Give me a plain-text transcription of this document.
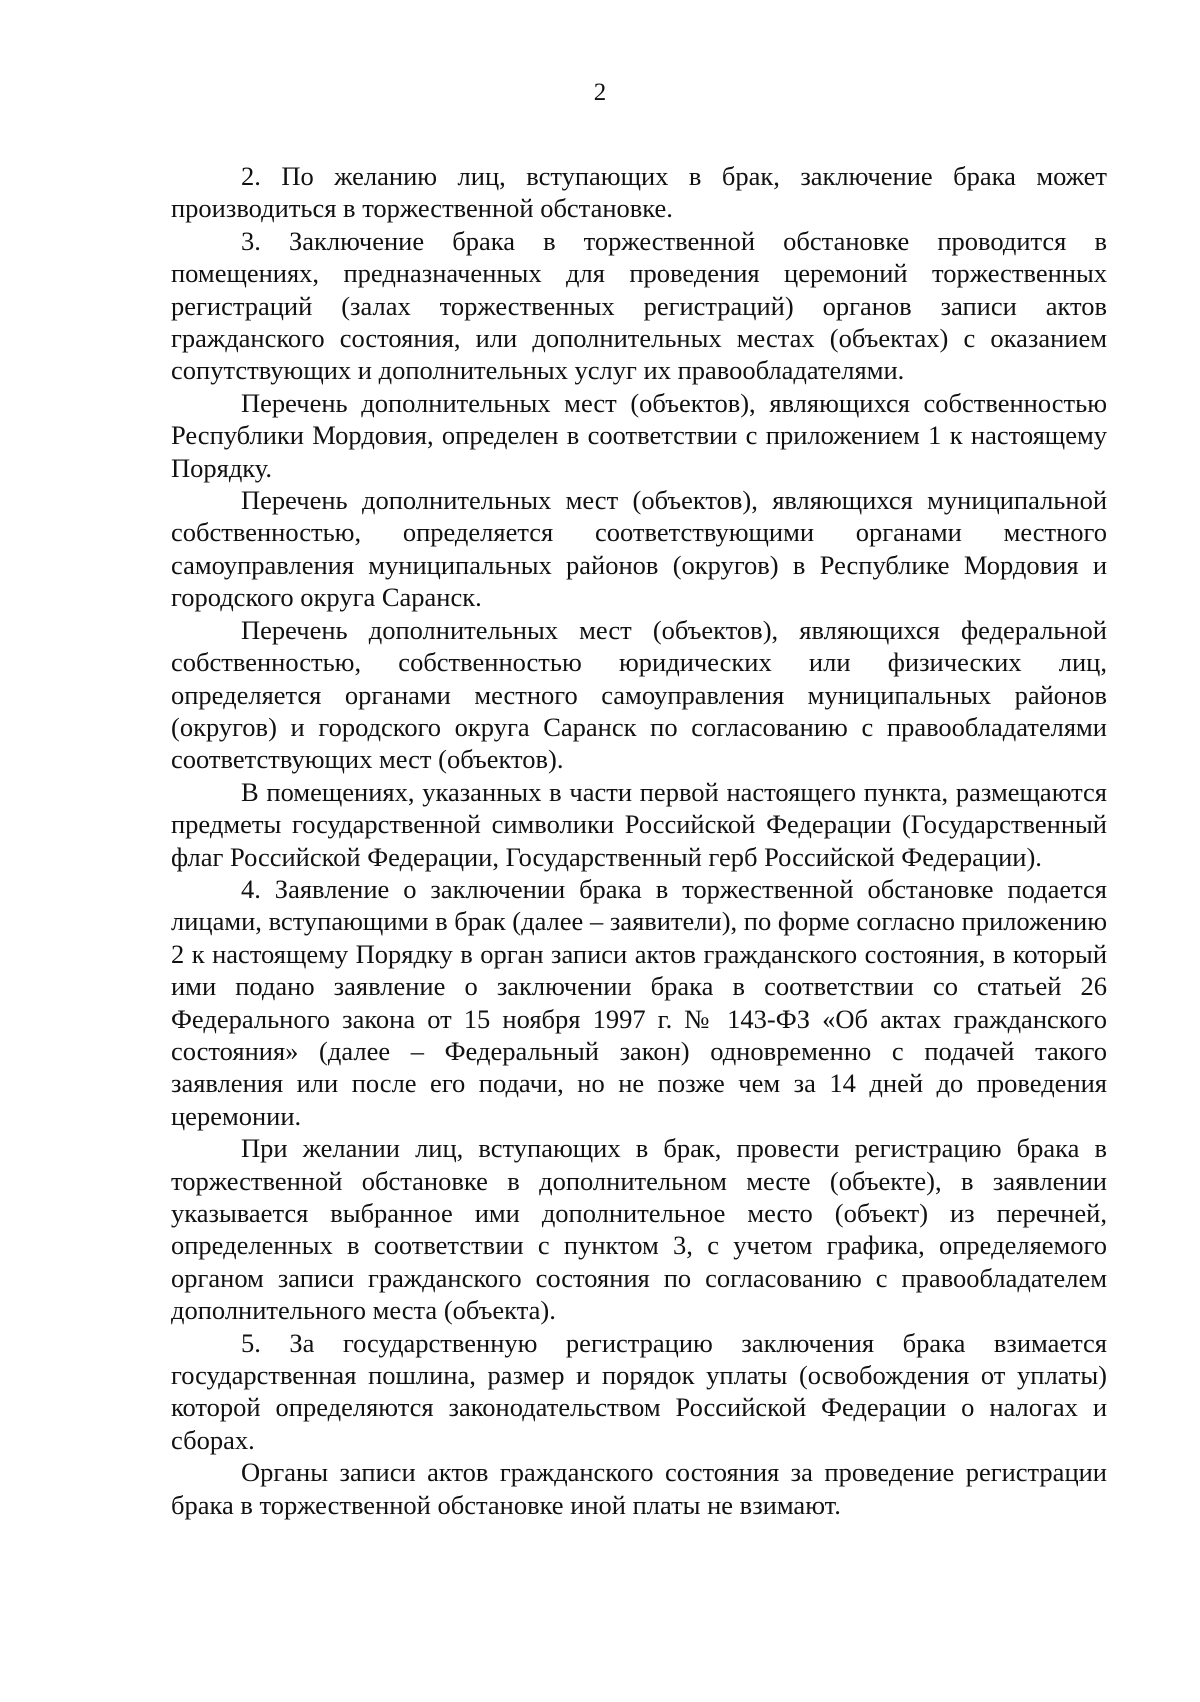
2

2. По желанию лиц, вступающих в брак, заключение брака может производиться в торжественной обстановке.

3. Заключение брака в торжественной обстановке проводится в помещениях, предназначенных для проведения церемоний торжественных регистраций (залах торжественных регистраций) органов записи актов гражданского состояния, или дополнительных местах (объектах) с оказанием сопутствующих и дополнительных услуг их правообладателями.

Перечень дополнительных мест (объектов), являющихся собственностью Республики Мордовия, определен в соответствии с приложением 1 к настоящему Порядку.

Перечень дополнительных мест (объектов), являющихся муниципальной собственностью, определяется соответствующими органами местного самоуправления муниципальных районов (округов) в Республике Мордовия и городского округа Саранск.

Перечень дополнительных мест (объектов), являющихся федеральной собственностью, собственностью юридических или физических лиц, определяется органами местного самоуправления муниципальных районов (округов) и городского округа Саранск по согласованию с правообладателями соответствующих мест (объектов).

В помещениях, указанных в части первой настоящего пункта, размещаются предметы государственной символики Российской Федерации (Государственный флаг Российской Федерации, Государственный герб Российской Федерации).

4. Заявление о заключении брака в торжественной обстановке подается лицами, вступающими в брак (далее – заявители), по форме согласно приложению 2 к настоящему Порядку в орган записи актов гражданского состояния, в который ими подано заявление о заключении брака в соответствии со статьей 26 Федерального закона от 15 ноября 1997 г. № 143-ФЗ «Об актах гражданского состояния» (далее – Федеральный закон) одновременно с подачей такого заявления или после его подачи, но не позже чем за 14 дней до проведения церемонии.

При желании лиц, вступающих в брак, провести регистрацию брака в торжественной обстановке в дополнительном месте (объекте), в заявлении указывается выбранное ими дополнительное место (объект) из перечней, определенных в соответствии с пунктом 3, с учетом графика, определяемого органом записи гражданского состояния по согласованию с правообладателем дополнительного места (объекта).

5. За государственную регистрацию заключения брака взимается государственная пошлина, размер и порядок уплаты (освобождения от уплаты) которой определяются законодательством Российской Федерации о налогах и сборах.

Органы записи актов гражданского состояния за проведение регистрации брака в торжественной обстановке иной платы не взимают.
